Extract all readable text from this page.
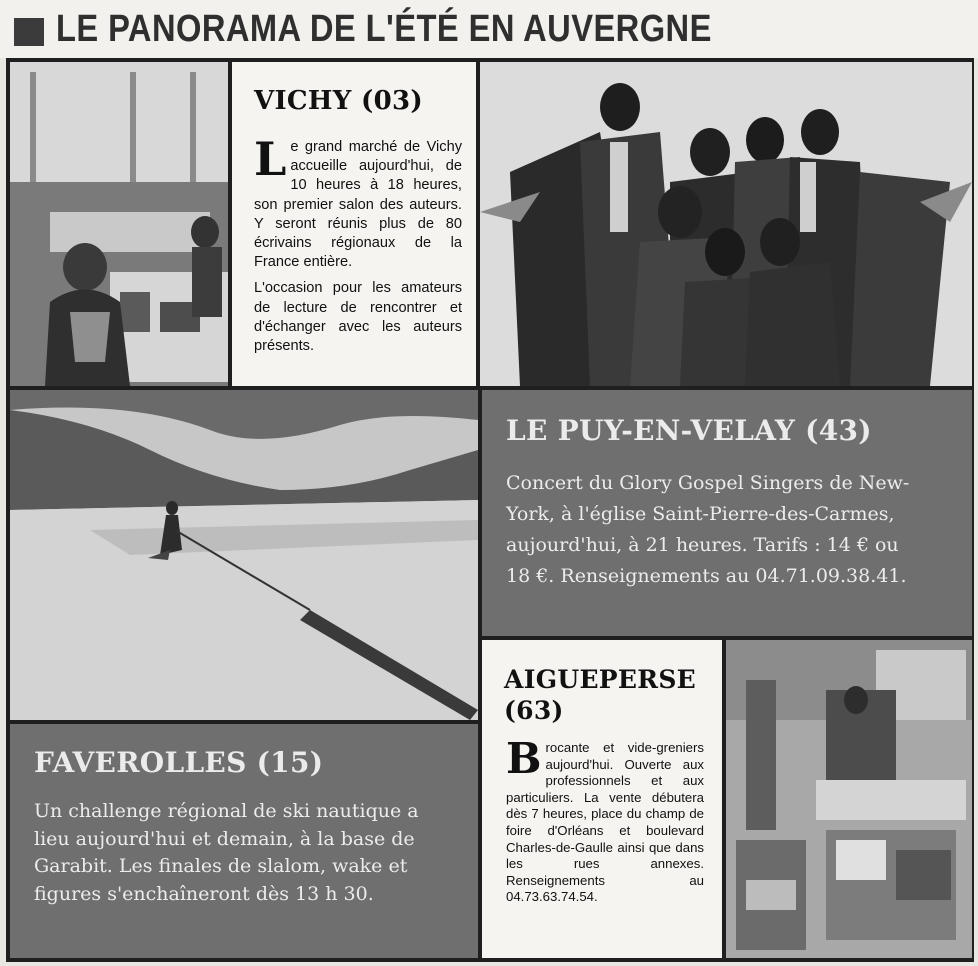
LE PANORAMA DE L'ÉTÉ EN AUVERGNE
VICHY (03)

Le grand marché de Vichy accueille aujourd'hui, de 10 heures à 18 heures, son premier salon des auteurs. Y seront réunis plus de 80 écrivains régionaux de la France entière.

L'occasion pour les amateurs de lecture de rencontrer et d'échanger avec les auteurs présents.

LE PUY-EN-VELAY (43)
Concert du Glory Gospel Singers de New-York, à l'église Saint-Pierre-des-Carmes, aujourd'hui, à 21 heures. Tarifs : 14 € ou 18 €. Renseignements au 04.71.09.38.41.
AIGUEPERSE (63)
Brocante et vide-greniers aujourd'hui. Ouverte aux professionnels et aux particuliers. La vente débutera dès 7 heures, place du champ de foire d'Orléans et boulevard Charles-de-Gaulle ainsi que dans les rues annexes. Renseignements au 04.73.63.74.54.
FAVEROLLES (15)
Un challenge régional de ski nautique a lieu aujourd'hui et demain, à la base de Garabit. Les finales de slalom, wake et figures s'enchaîneront dès 13 h 30.
